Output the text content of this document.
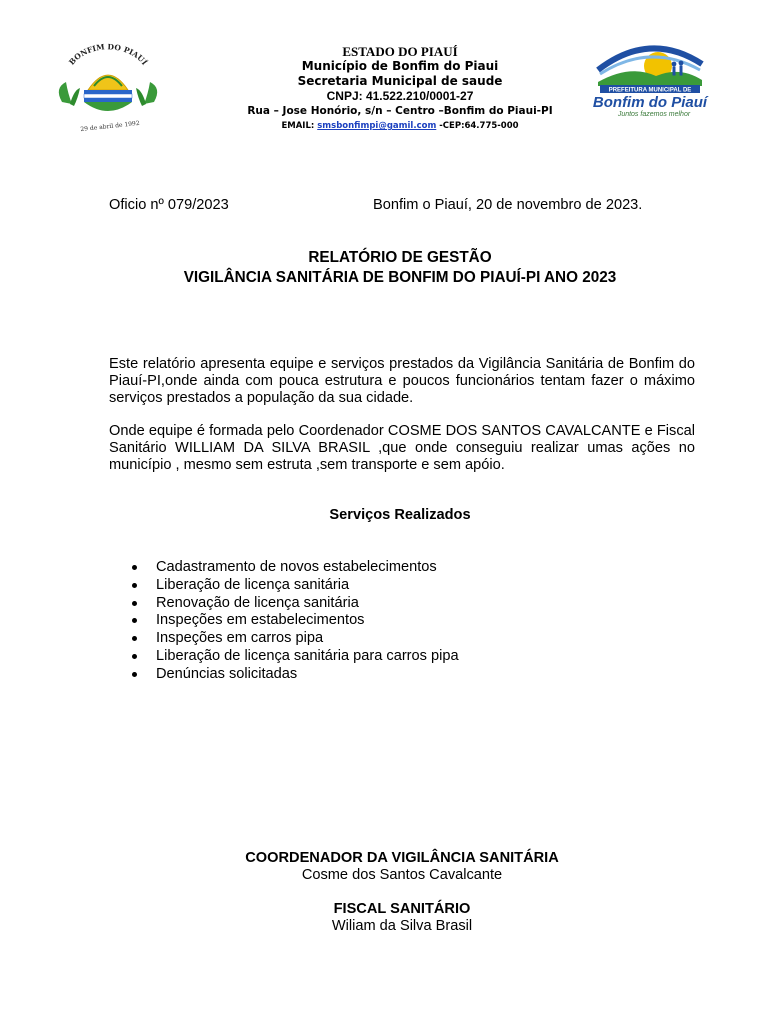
BONFIM DO PIAUÍ
29 de abril de 1992
ESTADO DO PIAUÍ
Município de Bonfim do Piaui
Secretaria Municipal de saude
CNPJ: 41.522.210/0001-27
Rua – Jose Honório, s/n – Centro –Bonfim do Piaui-PI
EMAIL: smsbonfimpi@gamil.com -CEP:64.775-000
PREFEITURA MUNICIPAL DE
Bonfim do Piauí
Juntos fazemos melhor
Oficio nº 079/2023	Bonfim o Piauí, 20 de novembro de 2023.
RELATÓRIO DE GESTÃO
VIGILÂNCIA SANITÁRIA DE BONFIM DO PIAUÍ-PI ANO 2023
Este relatório apresenta equipe e serviços prestados da Vigilância Sanitária de Bonfim do Piauí-PI,onde ainda com pouca estrutura e poucos funcionários tentam fazer o máximo serviços prestados a população da sua cidade.
Onde equipe é formada pelo Coordenador COSME DOS SANTOS CAVALCANTE e Fiscal Sanitário WILLIAM DA SILVA BRASIL ,que onde conseguiu realizar umas ações no município , mesmo sem estruta ,sem transporte e sem apóio.
Serviços Realizados
Cadastramento de novos estabelecimentos
Liberação de licença sanitária
Renovação de licença sanitária
Inspeções em estabelecimentos
Inspeções em carros pipa
Liberação de licença sanitária para carros pipa
Denúncias solicitadas
COORDENADOR DA VIGILÂNCIA SANITÁRIA
Cosme dos Santos Cavalcante
FISCAL SANITÁRIO
Wiliam da Silva Brasil
